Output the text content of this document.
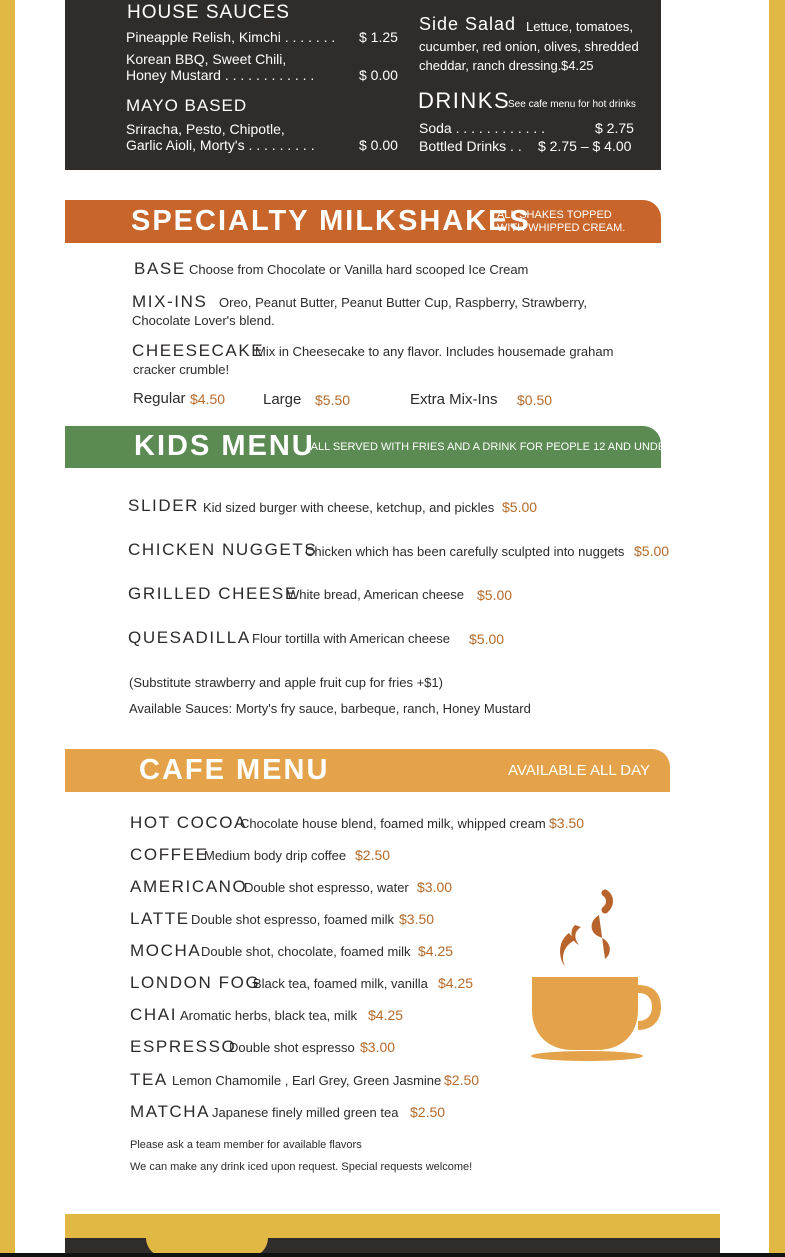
HOUSE SAUCES
Pineapple Relish, Kimchi . . . . . . . $ 1.25
Korean BBQ, Sweet Chili,
Honey Mustard . . . . . . . . . . . .	$ 0.00
MAYO BASED
Sriracha, Pesto, Chipotle,
Garlic Aioli, Morty's . . . . . . . . .	$ 0.00
Side Salad Lettuce, tomatoes,
cucumber, red onion, olives, shredded
cheddar, ranch dressing. $4.25
DRINKS
See cafe menu for hot drinks
Soda . . . . . . . . . . . .	$ 2.75
Bottled Drinks . . $ 2.75 – $ 4.00
SPECIALTY MILKSHAKES
ALL SHAKES TOPPED
WITH WHIPPED CREAM.
BASE Choose from Chocolate or Vanilla hard scooped Ice Cream
MIX-INS Oreo, Peanut Butter, Peanut Butter Cup, Raspberry, Strawberry,
Chocolate Lover's blend.
CHEESECAKE
Mix in Cheesecake to any flavor. Includes housemade graham
cracker crumble!
Regular $4.50	Large $5.50	Extra Mix-Ins $0.50
KIDS MENU
(ALL SERVED WITH FRIES AND A DRINK FOR PEOPLE 12 AND UNDER)
SLIDER Kid sized burger with cheese, ketchup, and pickles $5.00
CHICKEN NUGGETS
Chicken which has been carefully sculpted into nuggets $5.00
GRILLED CHEESE
White bread, American cheese $5.00
QUESADILLA Flour tortilla with American cheese $5.00
(Substitute strawberry and apple fruit cup for fries +$1)
Available Sauces: Morty's fry sauce, barbeque, ranch, Honey Mustard
CAFE MENU	AVAILABLE ALL DAY
HOT COCOA
Chocolate house blend, foamed milk, whipped cream $3.50
COFFEE
Medium body drip coffee $2.50
AMERICANO
Double shot espresso, water $3.00
LATTE Double shot espresso, foamed milk $3.50
MOCHA Double shot, chocolate, foamed milk $4.25
LONDON FOG
Black tea, foamed milk, vanilla $4.25
CHAI Aromatic herbs, black tea, milk $4.25
ESPRESSO
Double shot espresso $3.00
TEA Lemon Chamomile , Earl Grey, Green Jasmine $2.50
MATCHA Japanese finely milled green tea $2.50
Please ask a team member for available flavors
We can make any drink iced upon request. Special requests welcome!
